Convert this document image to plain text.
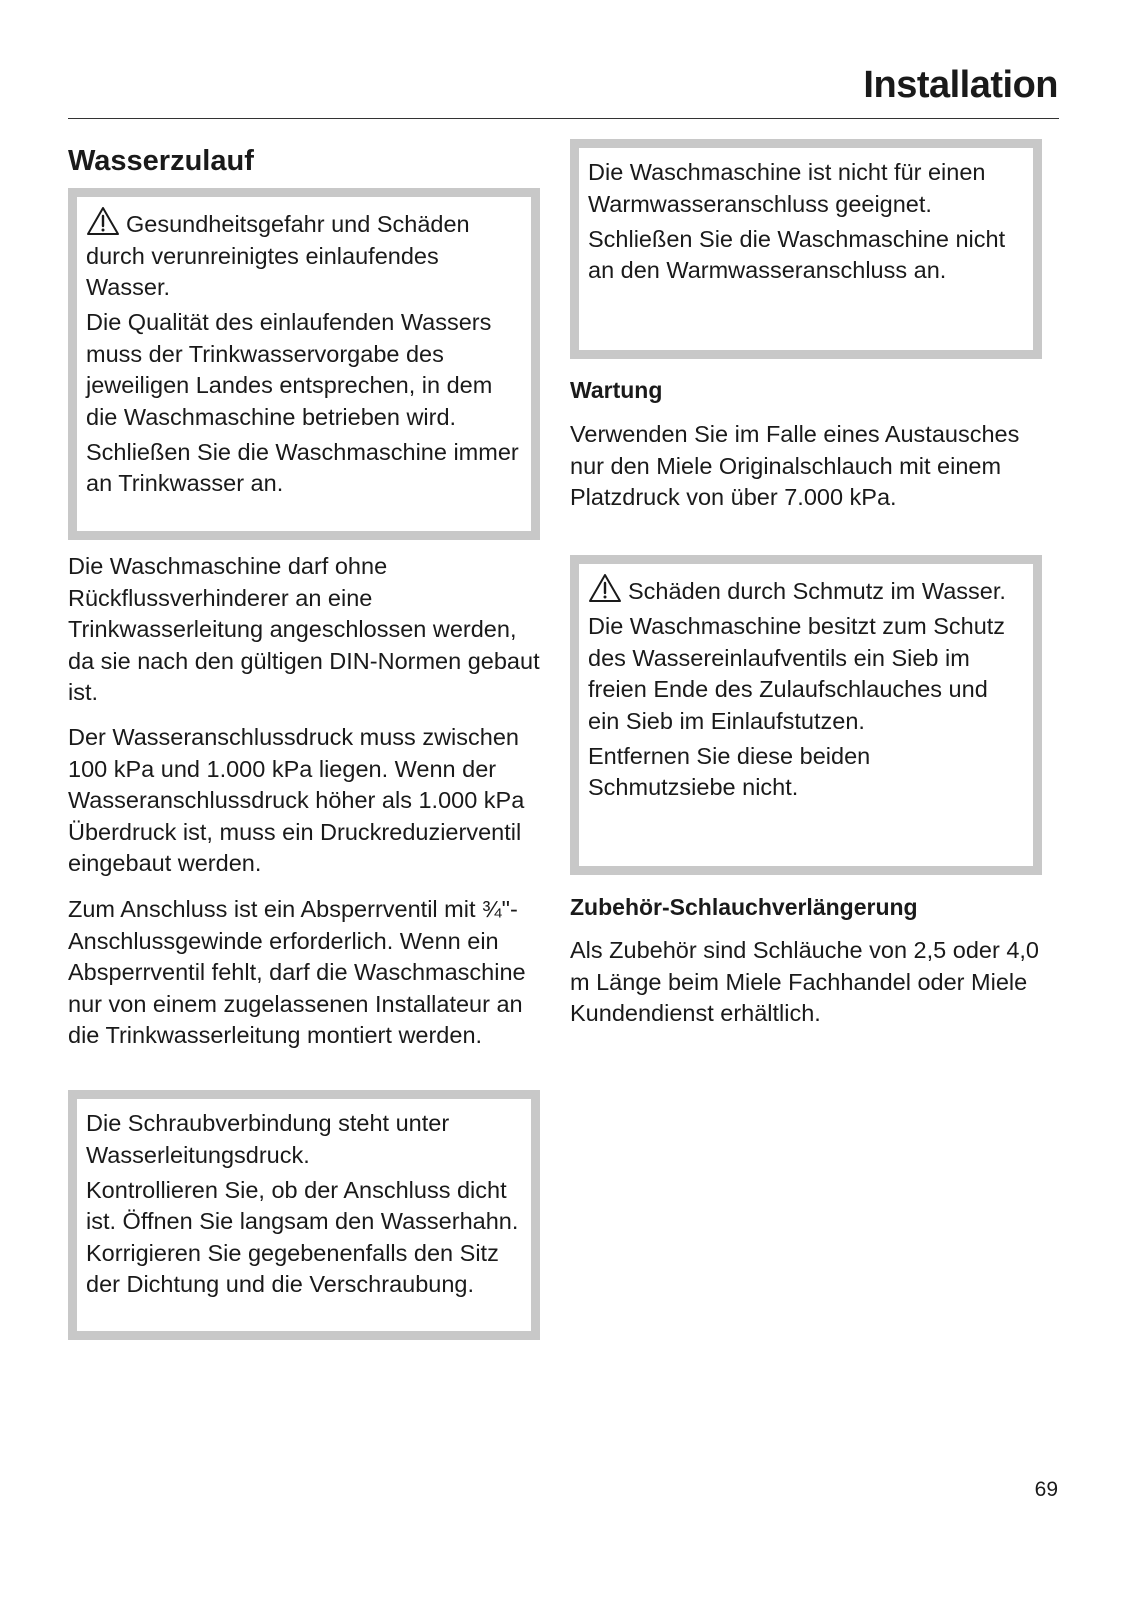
Installation
Wasserzulauf

Gesundheitsgefahr und Schäden durch verunreinigtes einlaufendes Wasser.

Die Qualität des einlaufenden Wassers muss der Trinkwasservorgabe des jeweiligen Landes entsprechen, in dem die Waschmaschine betrieben wird.

Schließen Sie die Waschmaschine immer an Trinkwasser an.

Die Waschmaschine darf ohne Rückflussverhinderer an eine Trinkwasserleitung angeschlossen werden, da sie nach den gültigen DIN-Normen gebaut ist.

Der Wasseranschlussdruck muss zwischen 100 kPa und 1.000 kPa liegen. Wenn der Wasseranschlussdruck höher als 1.000 kPa Überdruck ist, muss ein Druckreduzierventil eingebaut werden.

Zum Anschluss ist ein Absperrventil mit ¾"-Anschlussgewinde erforderlich. Wenn ein Absperrventil fehlt, darf die Waschmaschine nur von einem zugelassenen Installateur an die Trinkwasserleitung montiert werden.

Die Schraubverbindung steht unter Wasserleitungsdruck.

Kontrollieren Sie, ob der Anschluss dicht ist. Öffnen Sie langsam den Wasserhahn. Korrigieren Sie gegebenenfalls den Sitz der Dichtung und die Verschraubung.

Die Waschmaschine ist nicht für einen Warmwasseranschluss geeignet.

Schließen Sie die Waschmaschine nicht an den Warmwasseranschluss an.

Wartung

Verwenden Sie im Falle eines Austausches nur den Miele Originalschlauch mit einem Platzdruck von über 7.000 kPa.

Schäden durch Schmutz im Wasser.

Die Waschmaschine besitzt zum Schutz des Wassereinlaufventils ein Sieb im freien Ende des Zulaufschlauches und ein Sieb im Einlaufstutzen.

Entfernen Sie diese beiden Schmutzsiebe nicht.

Zubehör-Schlauchverlängerung

Als Zubehör sind Schläuche von 2,5 oder 4,0 m Länge beim Miele Fachhandel oder Miele Kundendienst erhältlich.

69
